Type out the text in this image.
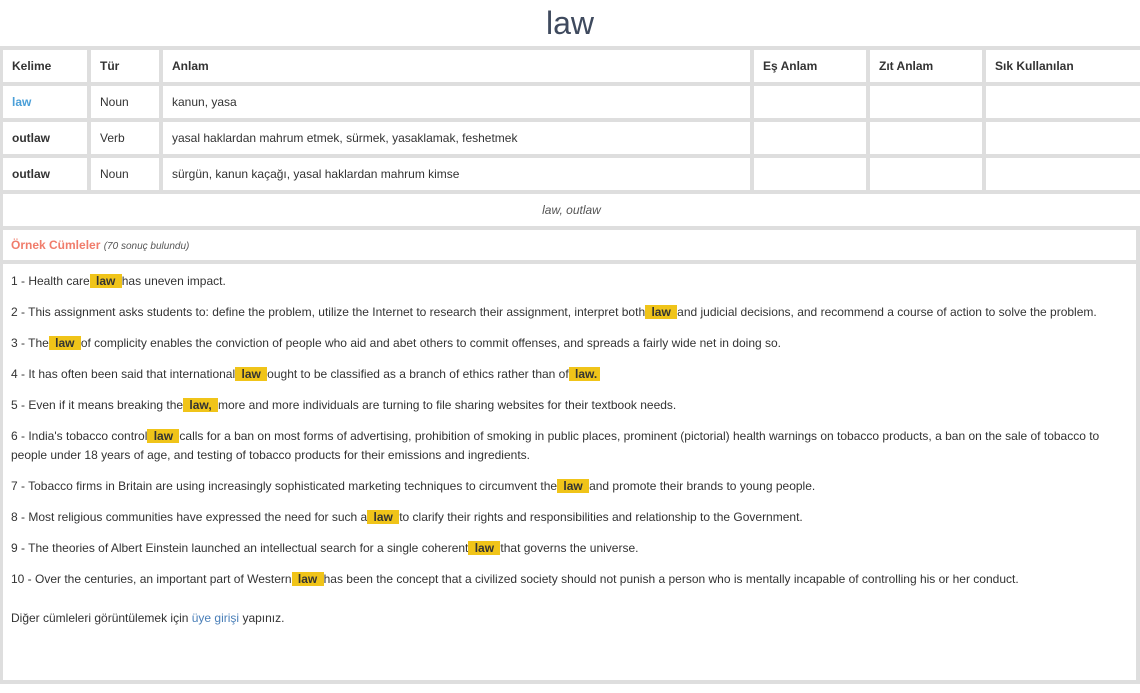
law
Kelime	Tür	Anlam	Eş Anlam	Zıt Anlam	Sık Kullanılan
law	Noun	kanun, yasa			
outlaw	Verb	yasal haklardan mahrum etmek, sürmek, yasaklamak, feshetmek			
outlaw	Noun	sürgün, kanun kaçağı, yasal haklardan mahrum kimse			
law, outlaw					
Örnek Cümleler (70 sonuç bulundu)
1 - Health care law has uneven impact.
2 - This assignment asks students to: define the problem, utilize the Internet to research their assignment, interpret both law and judicial decisions, and recommend a course of action to solve the problem.
3 - The law of complicity enables the conviction of people who aid and abet others to commit offenses, and spreads a fairly wide net in doing so.
4 - It has often been said that international law ought to be classified as a branch of ethics rather than of law.
5 - Even if it means breaking the law, more and more individuals are turning to file sharing websites for their textbook needs.
6 - India's tobacco control law calls for a ban on most forms of advertising, prohibition of smoking in public places, prominent (pictorial) health warnings on tobacco products, a ban on the sale of tobacco to people under 18 years of age, and testing of tobacco products for their emissions and ingredients.
7 - Tobacco firms in Britain are using increasingly sophisticated marketing techniques to circumvent the law and promote their brands to young people.
8 - Most religious communities have expressed the need for such a law to clarify their rights and responsibilities and relationship to the Government.
9 - The theories of Albert Einstein launched an intellectual search for a single coherent law that governs the universe.
10 - Over the centuries, an important part of Western law has been the concept that a civilized society should not punish a person who is mentally incapable of controlling his or her conduct.
Diğer cümleleri görüntülemek için üye girişi yapınız.
